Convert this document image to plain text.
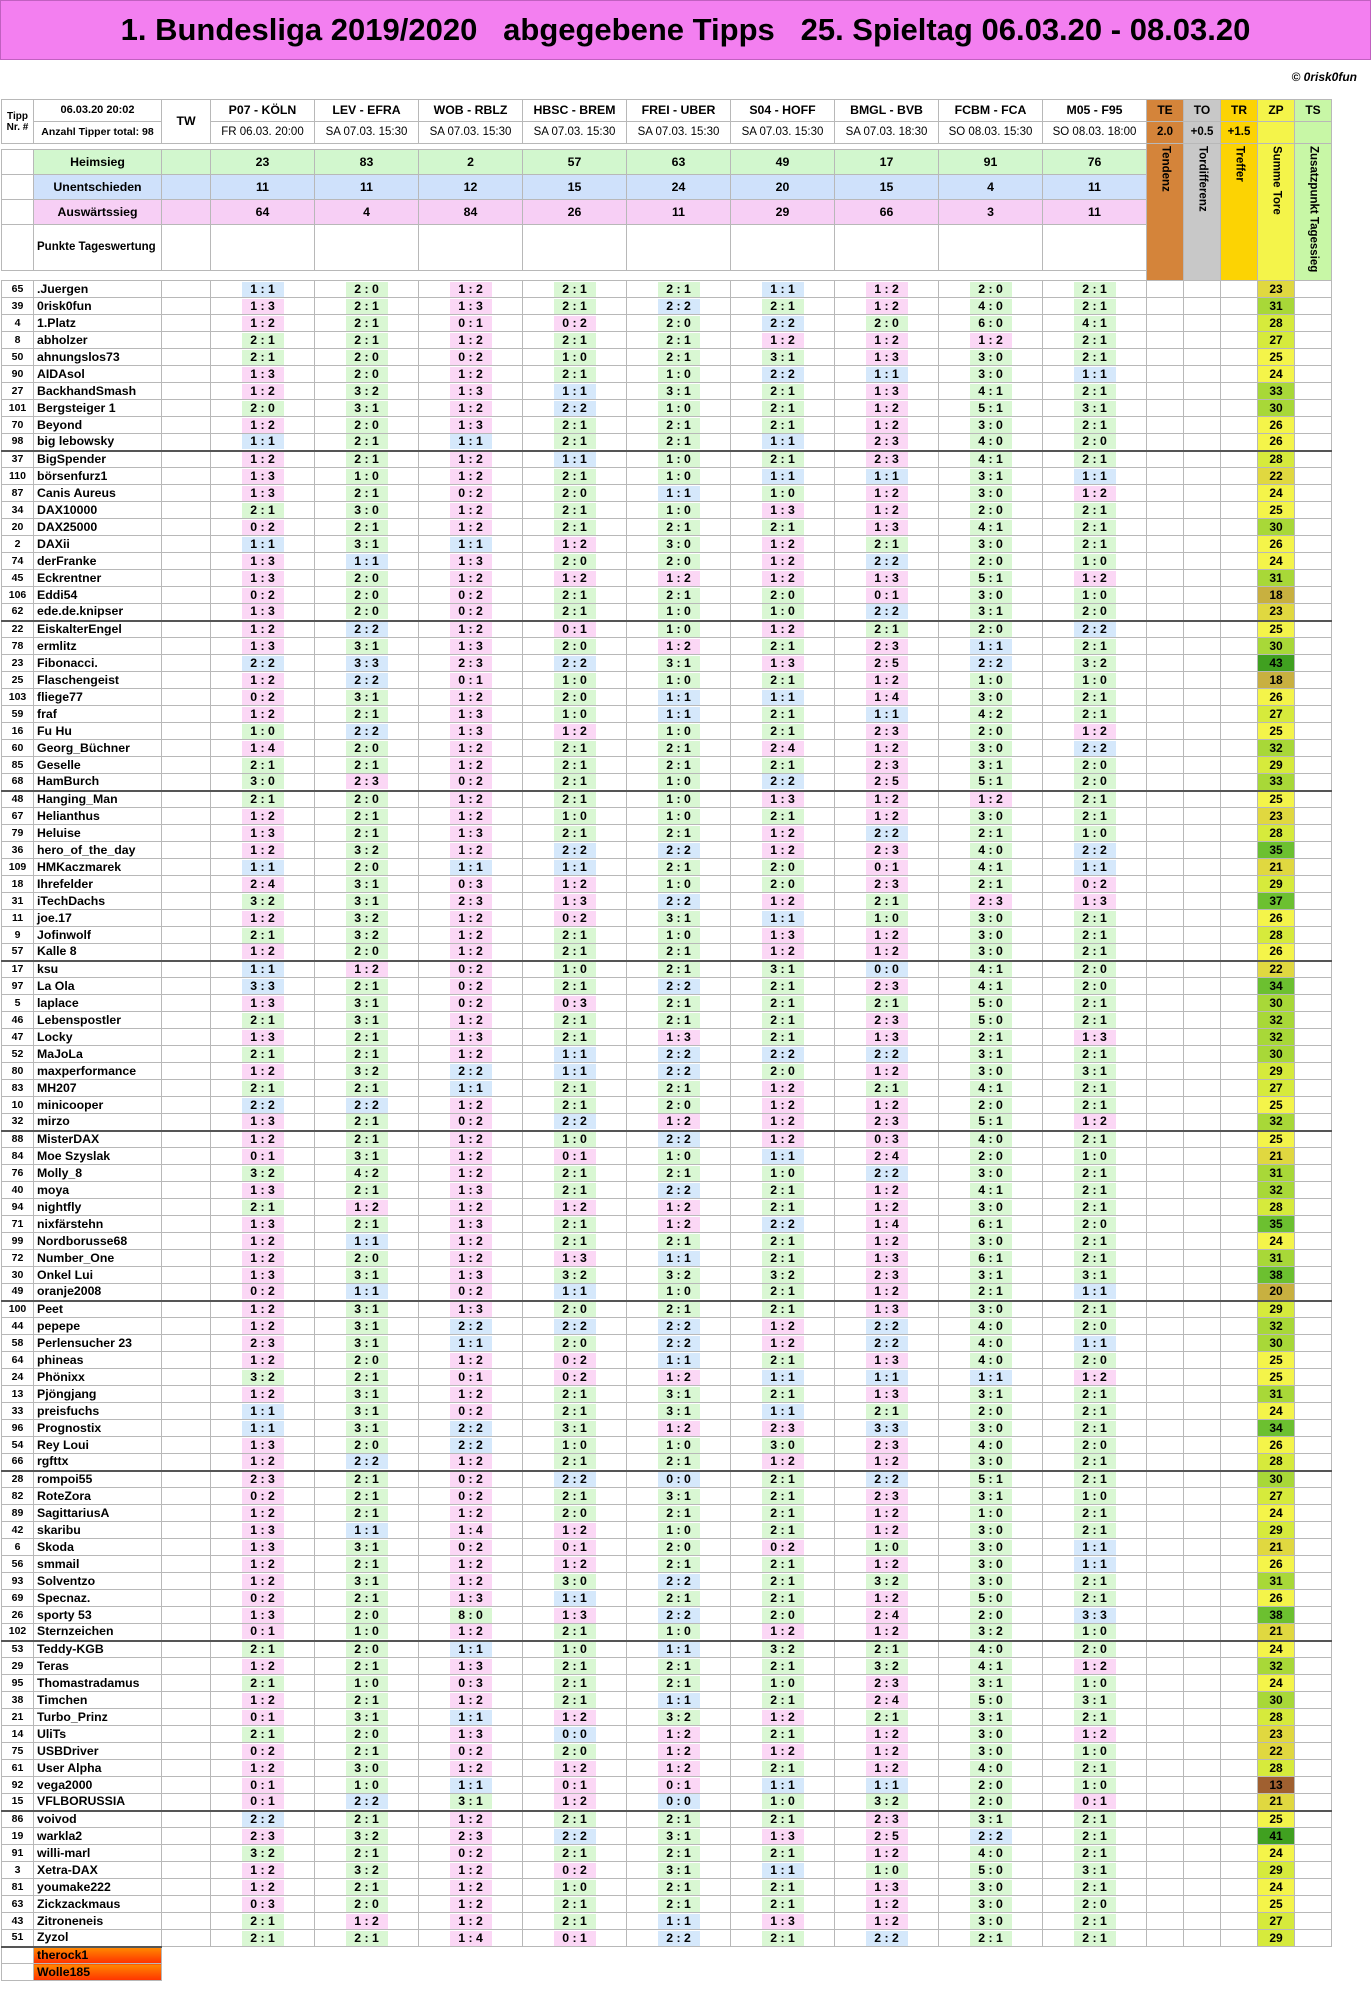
1. Bundesliga 2019/2020   abgegebene Tipps   25. Spieltag 06.03.20 - 08.03.20
© 0risk0fun
Tipp Nr. #	06.03.20 20:02	TW	P07 - KÖLN	LEV - EFRA	WOB - RBLZ	HBSC - BREM	FREI - UBER	S04 - HOFF	BMGL - BVB	FCBM - FCA	M05 - F95	TE	TO	TR	ZP	TS
	Anzahl Tipper total: 98		FR 06.03. 20:00	SA 07.03. 15:30	SA 07.03. 15:30	SA 07.03. 15:30	SA 07.03. 15:30	SA 07.03. 15:30	SA 07.03. 18:30	SO 08.03. 15:30	SO 08.03. 18:00	2.0	+0.5	+1.5		

												Tendenz	Tordifferenz	Treffer	Summe Tore	Zusatzpunkt Tagessieg

	Heimsieg		23	83	2	57	63	49	17	91	76					
	Unentschieden		11	11	12	15	24	20	15	4	11					
	Auswärtssieg		64	4	84	26	11	29	66	3	11					
	Punkte Tageswertung															

65	.Juergen		1 : 1	2 : 0	1 : 2	2 : 1	2 : 1	1 : 1	1 : 2	2 : 0	2 : 1				23	
39	0risk0fun		1 : 3	2 : 1	1 : 3	2 : 1	2 : 2	2 : 1	1 : 2	4 : 0	2 : 1				31	
4	1.Platz		1 : 2	2 : 1	0 : 1	0 : 2	2 : 0	2 : 2	2 : 0	6 : 0	4 : 1				28	
8	abholzer		2 : 1	2 : 1	1 : 2	2 : 1	2 : 1	1 : 2	1 : 2	1 : 2	2 : 1				27	
50	ahnungslos73		2 : 1	2 : 0	0 : 2	1 : 0	2 : 1	3 : 1	1 : 3	3 : 0	2 : 1				25	
90	AIDAsol		1 : 3	2 : 0	1 : 2	2 : 1	1 : 0	2 : 2	1 : 1	3 : 0	1 : 1				24	
27	BackhandSmash		1 : 2	3 : 2	1 : 3	1 : 1	3 : 1	2 : 1	1 : 3	4 : 1	2 : 1				33	
101	Bergsteiger 1		2 : 0	3 : 1	1 : 2	2 : 2	1 : 0	2 : 1	1 : 2	5 : 1	3 : 1				30	
70	Beyond		1 : 2	2 : 0	1 : 3	2 : 1	2 : 1	2 : 1	1 : 2	3 : 0	2 : 1				26	
98	big lebowsky		1 : 1	2 : 1	1 : 1	2 : 1	2 : 1	1 : 1	2 : 3	4 : 0	2 : 0				26	
37	BigSpender		1 : 2	2 : 1	1 : 2	1 : 1	1 : 0	2 : 1	2 : 3	4 : 1	2 : 1				28	
110	börsenfurz1		1 : 3	1 : 0	1 : 2	2 : 1	1 : 0	1 : 1	1 : 1	3 : 1	1 : 1				22	
87	Canis Aureus		1 : 3	2 : 1	0 : 2	2 : 0	1 : 1	1 : 0	1 : 2	3 : 0	1 : 2				24	
34	DAX10000		2 : 1	3 : 0	1 : 2	2 : 1	1 : 0	1 : 3	1 : 2	2 : 0	2 : 1				25	
20	DAX25000		0 : 2	2 : 1	1 : 2	2 : 1	2 : 1	2 : 1	1 : 3	4 : 1	2 : 1				30	
2	DAXii		1 : 1	3 : 1	1 : 1	1 : 2	3 : 0	1 : 2	2 : 1	3 : 0	2 : 1				26	
74	derFranke		1 : 3	1 : 1	1 : 3	2 : 0	2 : 0	1 : 2	2 : 2	2 : 0	1 : 0				24	
45	Eckrentner		1 : 3	2 : 0	1 : 2	1 : 2	1 : 2	1 : 2	1 : 3	5 : 1	1 : 2				31	
106	Eddi54		0 : 2	2 : 0	0 : 2	2 : 1	2 : 1	2 : 0	0 : 1	3 : 0	1 : 0				18	
62	ede.de.knipser		1 : 3	2 : 0	0 : 2	2 : 1	1 : 0	1 : 0	2 : 2	3 : 1	2 : 0				23	
22	EiskalterEngel		1 : 2	2 : 2	1 : 2	0 : 1	1 : 0	1 : 2	2 : 1	2 : 0	2 : 2				25	
78	ermlitz		1 : 3	3 : 1	1 : 3	2 : 0	1 : 2	2 : 1	2 : 3	1 : 1	2 : 1				30	
23	Fibonacci.		2 : 2	3 : 3	2 : 3	2 : 2	3 : 1	1 : 3	2 : 5	2 : 2	3 : 2				43	
25	Flaschengeist		1 : 2	2 : 2	0 : 1	1 : 0	1 : 0	2 : 1	1 : 2	1 : 0	1 : 0				18	
103	fliege77		0 : 2	3 : 1	1 : 2	2 : 0	1 : 1	1 : 1	1 : 4	3 : 0	2 : 1				26	
59	fraf		1 : 2	2 : 1	1 : 3	1 : 0	1 : 1	2 : 1	1 : 1	4 : 2	2 : 1				27	
16	Fu Hu		1 : 0	2 : 2	1 : 3	1 : 2	1 : 0	2 : 1	2 : 3	2 : 0	1 : 2				25	
60	Georg_Büchner		1 : 4	2 : 0	1 : 2	2 : 1	2 : 1	2 : 4	1 : 2	3 : 0	2 : 2				32	
85	Geselle		2 : 1	2 : 1	1 : 2	2 : 1	2 : 1	2 : 1	2 : 3	3 : 1	2 : 0				29	
68	HamBurch		3 : 0	2 : 3	0 : 2	2 : 1	1 : 0	2 : 2	2 : 5	5 : 1	2 : 0				33	
48	Hanging_Man		2 : 1	2 : 0	1 : 2	2 : 1	1 : 0	1 : 3	1 : 2	1 : 2	2 : 1				25	
67	Helianthus		1 : 2	2 : 1	1 : 2	1 : 0	1 : 0	2 : 1	1 : 2	3 : 0	2 : 1				23	
79	Heluise		1 : 3	2 : 1	1 : 3	2 : 1	2 : 1	1 : 2	2 : 2	2 : 1	1 : 0				28	
36	hero_of_the_day		1 : 2	3 : 2	1 : 2	2 : 2	2 : 2	1 : 2	2 : 3	4 : 0	2 : 2				35	
109	HMKaczmarek		1 : 1	2 : 0	1 : 1	1 : 1	2 : 1	2 : 0	0 : 1	4 : 1	1 : 1				21	
18	Ihrefelder		2 : 4	3 : 1	0 : 3	1 : 2	1 : 0	2 : 0	2 : 3	2 : 1	0 : 2				29	
31	iTechDachs		3 : 2	3 : 1	2 : 3	1 : 3	2 : 2	1 : 2	2 : 1	2 : 3	1 : 3				37	
11	joe.17		1 : 2	3 : 2	1 : 2	0 : 2	3 : 1	1 : 1	1 : 0	3 : 0	2 : 1				26	
9	Jofinwolf		2 : 1	3 : 2	1 : 2	2 : 1	1 : 0	1 : 3	1 : 2	3 : 0	2 : 1				28	
57	Kalle 8		1 : 2	2 : 0	1 : 2	2 : 1	2 : 1	1 : 2	1 : 2	3 : 0	2 : 1				26	
17	ksu		1 : 1	1 : 2	0 : 2	1 : 0	2 : 1	3 : 1	0 : 0	4 : 1	2 : 0				22	
97	La Ola		3 : 3	2 : 1	0 : 2	2 : 1	2 : 2	2 : 1	2 : 3	4 : 1	2 : 0				34	
5	laplace		1 : 3	3 : 1	0 : 2	0 : 3	2 : 1	2 : 1	2 : 1	5 : 0	2 : 1				30	
46	Lebenspostler		2 : 1	3 : 1	1 : 2	2 : 1	2 : 1	2 : 1	2 : 3	5 : 0	2 : 1				32	
47	Locky		1 : 3	2 : 1	1 : 3	2 : 1	1 : 3	2 : 1	1 : 3	2 : 1	1 : 3				32	
52	MaJoLa		2 : 1	2 : 1	1 : 2	1 : 1	2 : 2	2 : 2	2 : 2	3 : 1	2 : 1				30	
80	maxperformance		1 : 2	3 : 2	2 : 2	1 : 1	2 : 2	2 : 0	1 : 2	3 : 0	3 : 1				29	
83	MH207		2 : 1	2 : 1	1 : 1	2 : 1	2 : 1	1 : 2	2 : 1	4 : 1	2 : 1				27	
10	minicooper		2 : 2	2 : 2	1 : 2	2 : 1	2 : 0	1 : 2	1 : 2	2 : 0	2 : 1				25	
32	mirzo		1 : 3	2 : 1	0 : 2	2 : 2	1 : 2	1 : 2	2 : 3	5 : 1	1 : 2				32	
88	MisterDAX		1 : 2	2 : 1	1 : 2	1 : 0	2 : 2	1 : 2	0 : 3	4 : 0	2 : 1				25	
84	Moe Szyslak		0 : 1	3 : 1	1 : 2	0 : 1	1 : 0	1 : 1	2 : 4	2 : 0	1 : 0				21	
76	Molly_8		3 : 2	4 : 2	1 : 2	2 : 1	2 : 1	1 : 0	2 : 2	3 : 0	2 : 1				31	
40	moya		1 : 3	2 : 1	1 : 3	2 : 1	2 : 2	2 : 1	1 : 2	4 : 1	2 : 1				32	
94	nightfly		2 : 1	1 : 2	1 : 2	1 : 2	1 : 2	2 : 1	1 : 2	3 : 0	2 : 1				28	
71	nixfärstehn		1 : 3	2 : 1	1 : 3	2 : 1	1 : 2	2 : 2	1 : 4	6 : 1	2 : 0				35	
99	Nordborusse68		1 : 2	1 : 1	1 : 2	2 : 1	2 : 1	2 : 1	1 : 2	3 : 0	2 : 1				24	
72	Number_One		1 : 2	2 : 0	1 : 2	1 : 3	1 : 1	2 : 1	1 : 3	6 : 1	2 : 1				31	
30	Onkel Lui		1 : 3	3 : 1	1 : 3	3 : 2	3 : 2	3 : 2	2 : 3	3 : 1	3 : 1				38	
49	oranje2008		0 : 2	1 : 1	0 : 2	1 : 1	1 : 0	2 : 1	1 : 2	2 : 1	1 : 1				20	
100	Peet		1 : 2	3 : 1	1 : 3	2 : 0	2 : 1	2 : 1	1 : 3	3 : 0	2 : 1				29	
44	pepepe		1 : 2	3 : 1	2 : 2	2 : 2	2 : 2	1 : 2	2 : 2	4 : 0	2 : 0				32	
58	Perlensucher 23		2 : 3	3 : 1	1 : 1	2 : 0	2 : 2	1 : 2	2 : 2	4 : 0	1 : 1				30	
64	phineas		1 : 2	2 : 0	1 : 2	0 : 2	1 : 1	2 : 1	1 : 3	4 : 0	2 : 0				25	
24	Phönixx		3 : 2	2 : 1	0 : 1	0 : 2	1 : 2	1 : 1	1 : 1	1 : 1	1 : 2				25	
13	Pjöngjang		1 : 2	3 : 1	1 : 2	2 : 1	3 : 1	2 : 1	1 : 3	3 : 1	2 : 1				31	
33	preisfuchs		1 : 1	3 : 1	0 : 2	2 : 1	3 : 1	1 : 1	2 : 1	2 : 0	2 : 1				24	
96	Prognostix		1 : 1	3 : 1	2 : 2	3 : 1	1 : 2	2 : 3	3 : 3	3 : 0	2 : 1				34	
54	Rey Loui		1 : 3	2 : 0	2 : 2	1 : 0	1 : 0	3 : 0	2 : 3	4 : 0	2 : 0				26	
66	rgfttx		1 : 2	2 : 2	1 : 2	2 : 1	2 : 1	1 : 2	1 : 2	3 : 0	2 : 1				28	
28	rompoi55		2 : 3	2 : 1	0 : 2	2 : 2	0 : 0	2 : 1	2 : 2	5 : 1	2 : 1				30	
82	RoteZora		0 : 2	2 : 1	0 : 2	2 : 1	3 : 1	2 : 1	2 : 3	3 : 1	1 : 0				27	
89	SagittariusA		1 : 2	2 : 1	1 : 2	2 : 0	2 : 1	2 : 1	1 : 2	1 : 0	2 : 1				24	
42	skaribu		1 : 3	1 : 1	1 : 4	1 : 2	1 : 0	2 : 1	1 : 2	3 : 0	2 : 1				29	
6	Skoda		1 : 3	3 : 1	0 : 2	0 : 1	2 : 0	0 : 2	1 : 0	3 : 0	1 : 1				21	
56	smmail		1 : 2	2 : 1	1 : 2	1 : 2	2 : 1	2 : 1	1 : 2	3 : 0	1 : 1				26	
93	Solventzo		1 : 2	3 : 1	1 : 2	3 : 0	2 : 2	2 : 1	3 : 2	3 : 0	2 : 1				31	
69	Specnaz.		0 : 2	2 : 1	1 : 3	1 : 1	2 : 1	2 : 1	1 : 2	5 : 0	2 : 1				26	
26	sporty 53		1 : 3	2 : 0	8 : 0	1 : 3	2 : 2	2 : 0	2 : 4	2 : 0	3 : 3				38	
102	Sternzeichen		0 : 1	1 : 0	1 : 2	2 : 1	1 : 0	1 : 2	1 : 2	3 : 2	1 : 0				21	
53	Teddy-KGB		2 : 1	2 : 0	1 : 1	1 : 0	1 : 1	3 : 2	2 : 1	4 : 0	2 : 0				24	
29	Teras		1 : 2	2 : 1	1 : 3	2 : 1	2 : 1	2 : 1	3 : 2	4 : 1	1 : 2				32	
95	Thomastradamus		2 : 1	1 : 0	0 : 3	2 : 1	2 : 1	1 : 0	2 : 3	3 : 1	1 : 0				24	
38	Timchen		1 : 2	2 : 1	1 : 2	2 : 1	1 : 1	2 : 1	2 : 4	5 : 0	3 : 1				30	
21	Turbo_Prinz		0 : 1	3 : 1	1 : 1	1 : 2	3 : 2	1 : 2	2 : 1	3 : 1	2 : 1				28	
14	UliTs		2 : 1	2 : 0	1 : 3	0 : 0	1 : 2	2 : 1	1 : 2	3 : 0	1 : 2				23	
75	USBDriver		0 : 2	2 : 1	0 : 2	2 : 0	1 : 2	1 : 2	1 : 2	3 : 0	1 : 0				22	
61	User Alpha		1 : 2	3 : 0	1 : 2	1 : 2	1 : 2	2 : 1	1 : 2	4 : 0	2 : 1				28	
92	vega2000		0 : 1	1 : 0	1 : 1	0 : 1	0 : 1	1 : 1	1 : 1	2 : 0	1 : 0				13	
15	VFLBORUSSIA		0 : 1	2 : 2	3 : 1	1 : 2	0 : 0	1 : 0	3 : 2	2 : 0	0 : 1				21	
86	voivod		2 : 2	2 : 1	1 : 2	2 : 1	2 : 1	2 : 1	2 : 3	3 : 1	2 : 1				25	
19	warkla2		2 : 3	3 : 2	2 : 3	2 : 2	3 : 1	1 : 3	2 : 5	2 : 2	2 : 1				41	
91	willi-marl		3 : 2	2 : 1	0 : 2	2 : 1	2 : 1	2 : 1	1 : 2	4 : 0	2 : 1				24	
3	Xetra-DAX		1 : 2	3 : 2	1 : 2	0 : 2	3 : 1	1 : 1	1 : 0	5 : 0	3 : 1				29	
81	youmake222		1 : 2	2 : 1	1 : 2	1 : 0	2 : 1	2 : 1	1 : 3	3 : 0	2 : 1				24	
63	Zickzackmaus		0 : 3	2 : 0	1 : 2	2 : 1	2 : 1	2 : 1	1 : 2	3 : 0	2 : 0				25	
43	Zitroneneis		2 : 1	1 : 2	1 : 2	2 : 1	1 : 1	1 : 3	1 : 2	3 : 0	2 : 1				27	
51	Zyzol		2 : 1	2 : 1	1 : 4	0 : 1	2 : 2	2 : 1	2 : 2	2 : 1	2 : 1				29	
	therock1															
	Wolle185															
